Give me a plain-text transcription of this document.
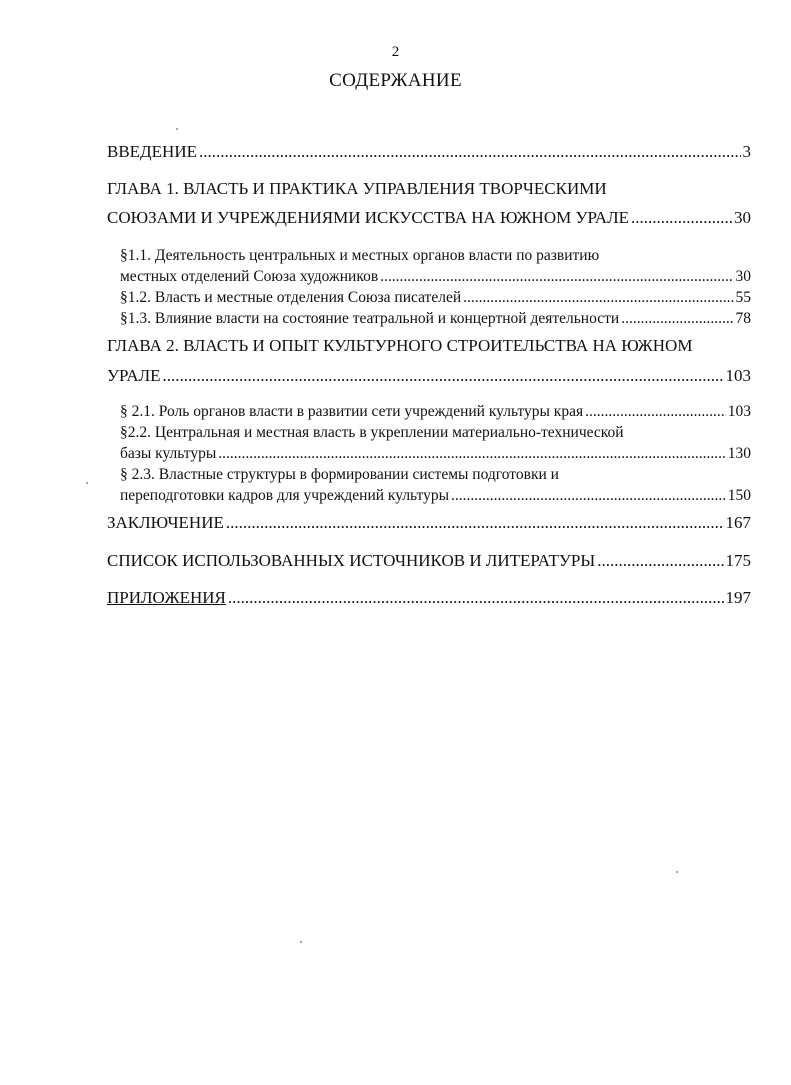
2
СОДЕРЖАНИЕ
ВВЕДЕНИЕ .....	3
ГЛАВА 1. ВЛАСТЬ И ПРАКТИКА УПРАВЛЕНИЯ ТВОРЧЕСКИМИ
СОЮЗАМИ И УЧРЕЖДЕНИЯМИ ИСКУССТВА НА ЮЖНОМ УРАЛЕ .....	30
§1.1. Деятельность центральных и местных органов власти по развитию
местных отделений Союза художников .....	30
§1.2. Власть и местные отделения Союза писателей .....	55
§1.3. Влияние власти на состояние театральной и концертной деятельности .....	78
ГЛАВА 2. ВЛАСТЬ И ОПЫТ КУЛЬТУРНОГО СТРОИТЕЛЬСТВА НА ЮЖНОМ
УРАЛЕ .....	103
§ 2.1. Роль органов власти в развитии сети учреждений культуры края .....	103
§2.2. Центральная и местная власть в укреплении материально-технической
базы культуры .....	130
§ 2.3. Властные структуры в формировании системы подготовки и
переподготовки кадров для учреждений культуры .....	150
ЗАКЛЮЧЕНИЕ .....	167
СПИСОК ИСПОЛЬЗОВАННЫХ ИСТОЧНИКОВ И ЛИТЕРАТУРЫ .....	175
ПРИЛОЖЕНИЯ .....	197
